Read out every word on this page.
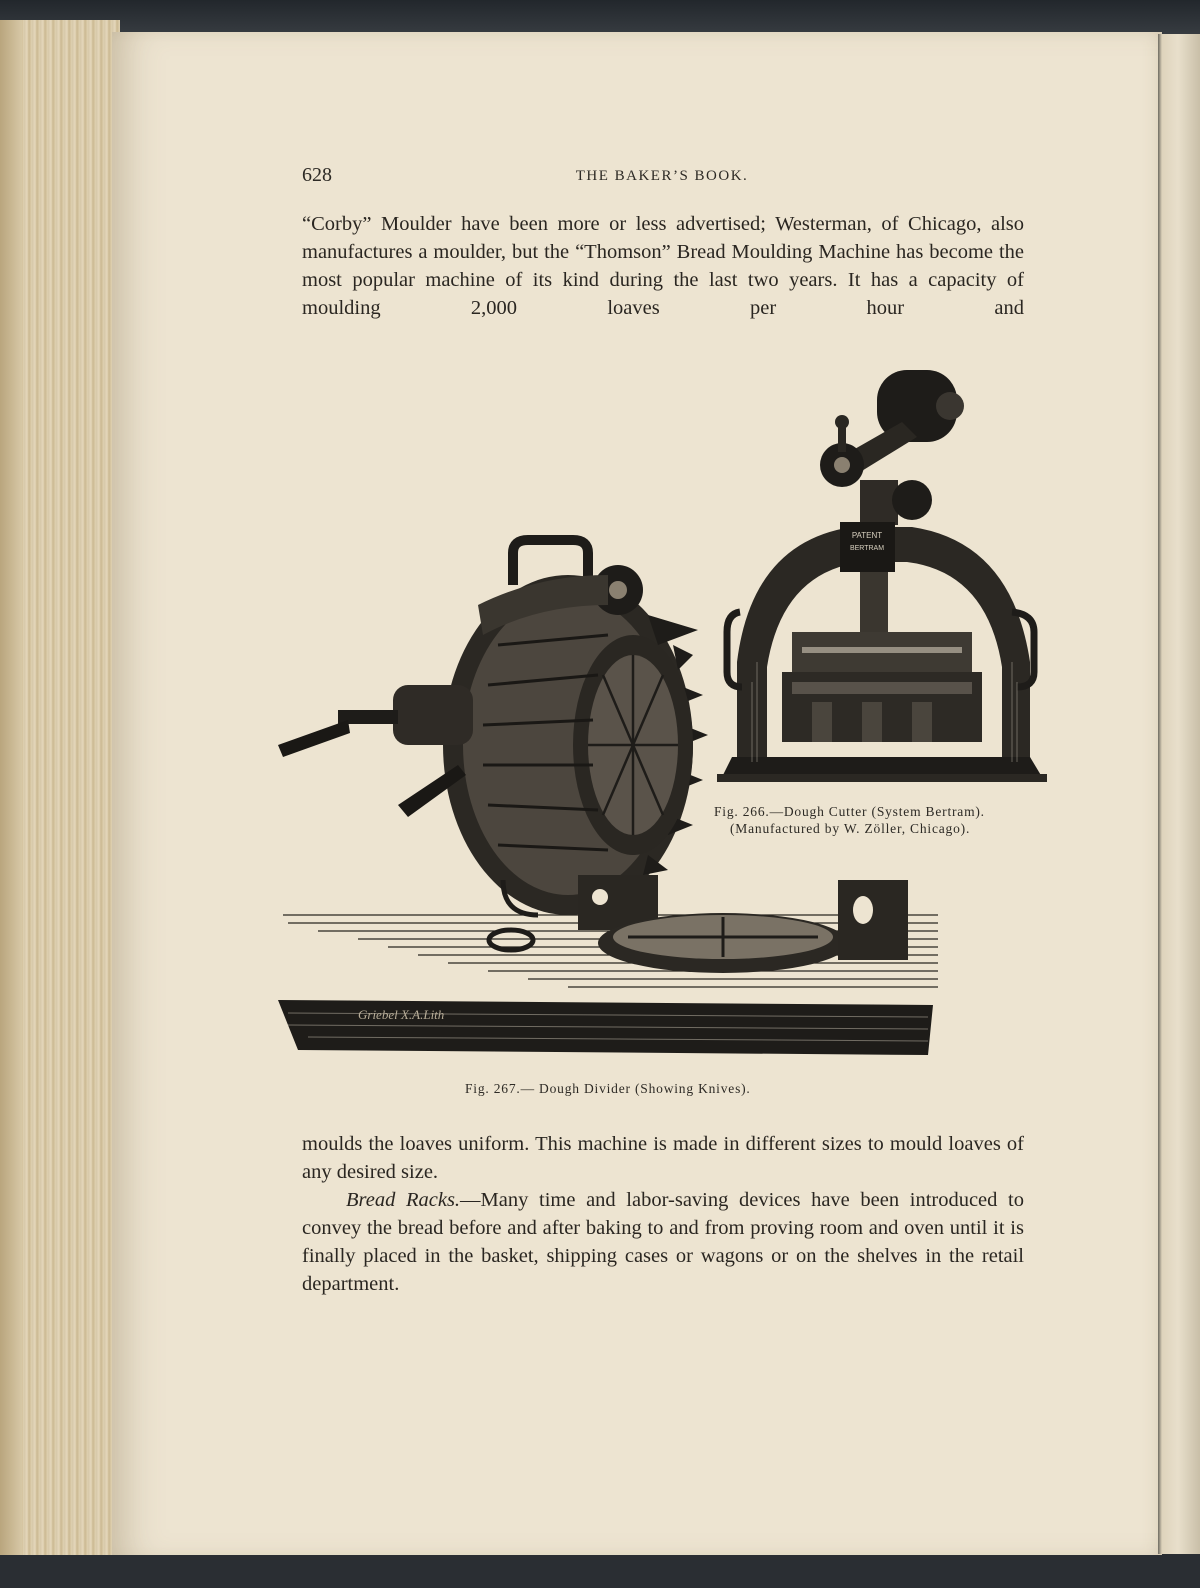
628	THE BAKER’S BOOK.

“Corby” Moulder have been more or less advertised; Westerman, of Chicago, also manufactures a moulder, but the “Thomson” Bread Moulding Machine has become the most popular machine of its kind during the last two years. It has a capacity of moulding 2,000 loaves per hour and

PATENT
BERTRAM
Fig. 266.—Dough Cutter (System Bertram).
(Manufactured by W. Zöller, Chicago).
Griebel X.A.Lith
Fig. 267.— Dough Divider (Showing Knives).

moulds the loaves uniform. This machine is made in different sizes to mould loaves of any desired size.

Bread Racks.—Many time and labor-saving devices have been introduced to convey the bread before and after baking to and from proving room and oven until it is finally placed in the basket, shipping cases or wagons or on the shelves in the retail department.
